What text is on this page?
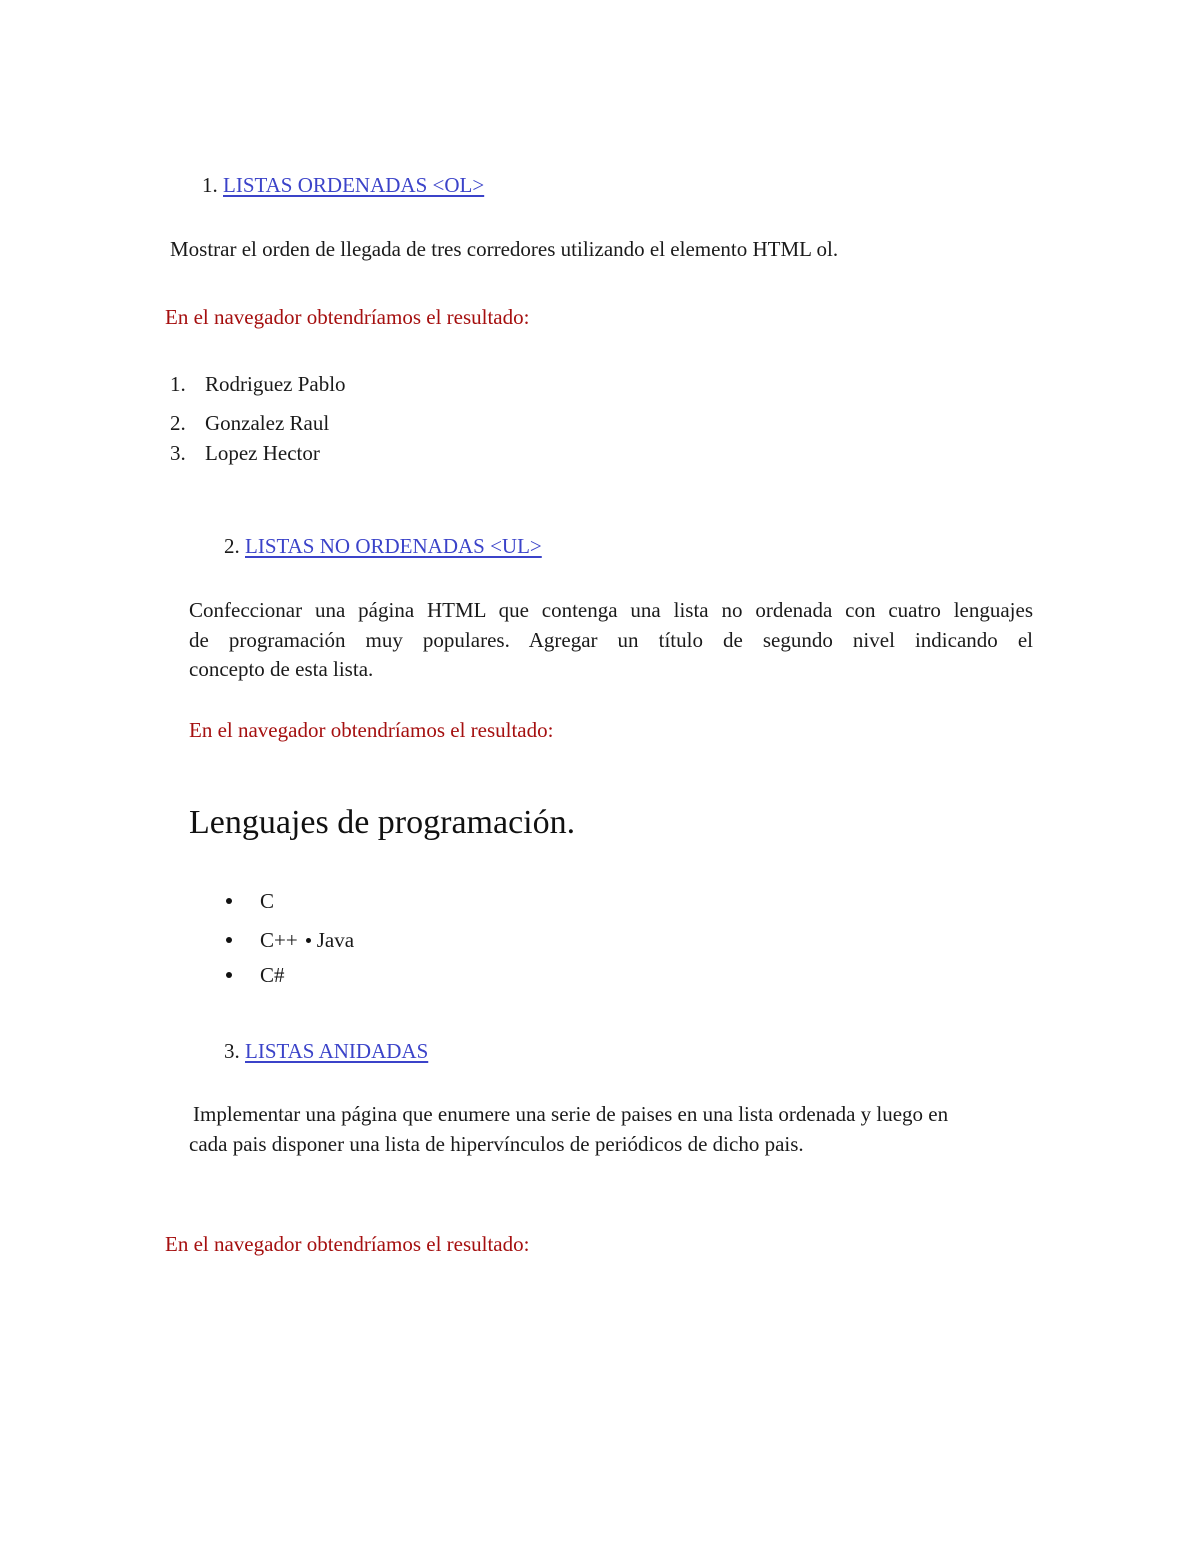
1. LISTAS ORDENADAS <OL>
Mostrar el orden de llegada de tres corredores utilizando el elemento HTML ol.
En el navegador obtendríamos el resultado:
1. Rodriguez Pablo
2. Gonzalez Raul
3. Lopez Hector
2. LISTAS NO ORDENADAS <UL>
Confeccionar una página HTML que contenga una lista no ordenada con cuatro lenguajes
de programación muy populares. Agregar un título de segundo nivel indicando el
concepto de esta lista.
En el navegador obtendríamos el resultado:
Lenguajes de programación.
C
C++ Java
C#
3. LISTAS ANIDADAS
Implementar una página que enumere una serie de paises en una lista ordenada y luego en
cada pais disponer una lista de hipervínculos de periódicos de dicho pais.
En el navegador obtendríamos el resultado:
